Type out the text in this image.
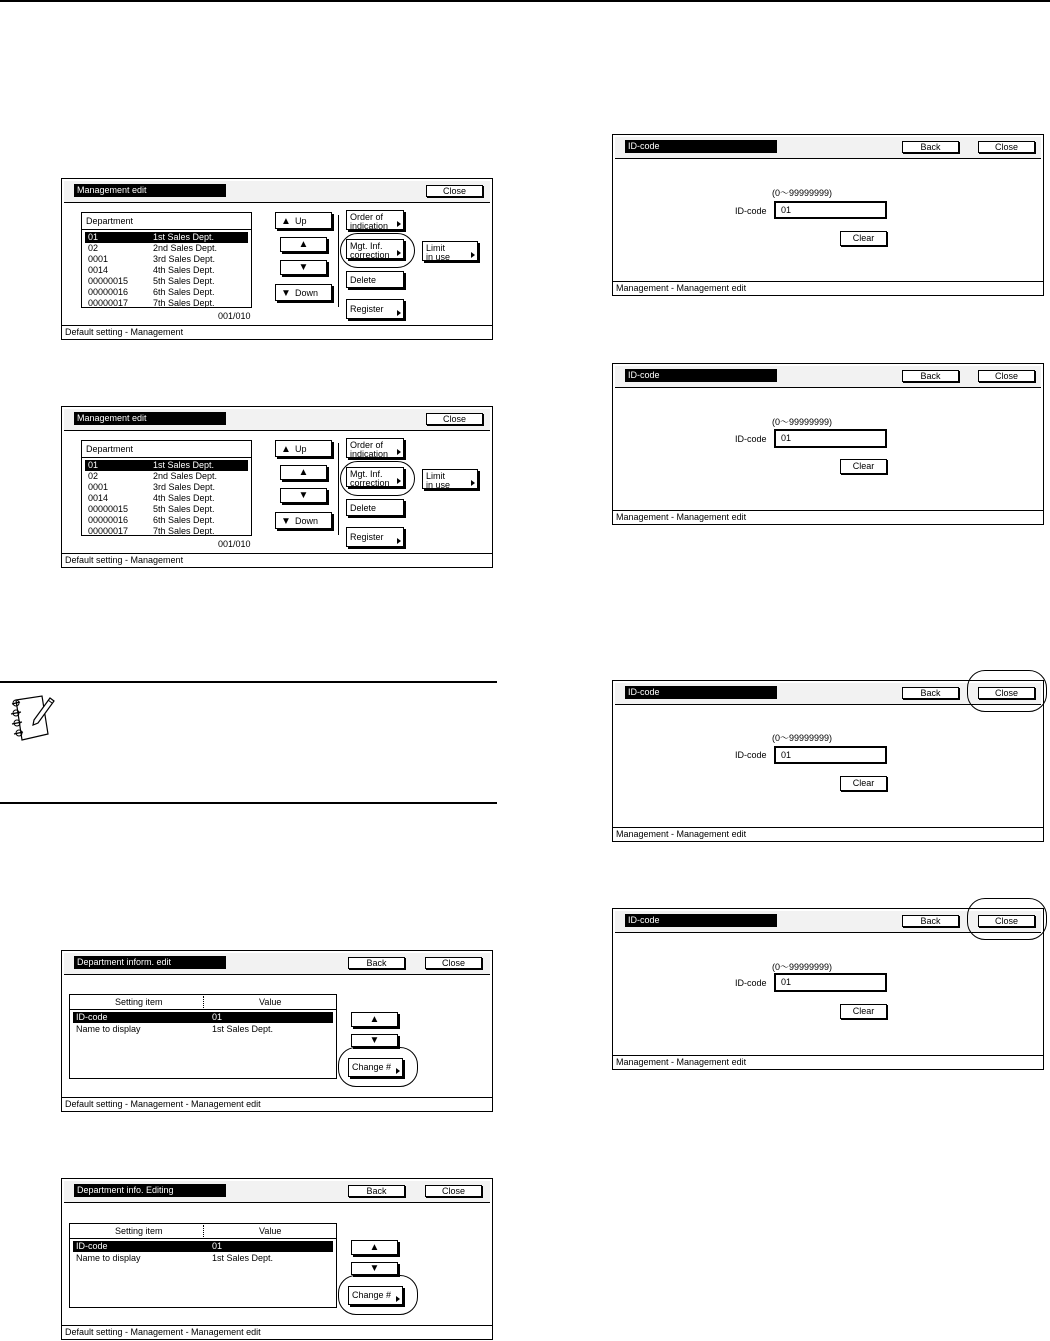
Management edit	Close
Department
01	1st Sales Dept.
02	2nd Sales Dept.
0001	3rd Sales Dept.
0014	4th Sales Dept.
00000015	5th Sales Dept.
00000016	6th Sales Dept.
00000017	7th Sales Dept.
001/010
▲ Up
▲
▼
▼ Down
Order of
indication
Mgt. Inf.
correction
Limit
in use
Delete
Register
Default setting - Management
Management edit	Close
Department
01	1st Sales Dept.
02	2nd Sales Dept.
0001	3rd Sales Dept.
0014	4th Sales Dept.
00000015	5th Sales Dept.
00000016	6th Sales Dept.
00000017	7th Sales Dept.
001/010
▲ Up
▲
▼
▼ Down
Order of
indication
Mgt. Inf.
correction
Limit
in use
Delete
Register
Default setting - Management
Department inform. edit	Back	Close
Setting item	Value
ID-code	01
Name to display	1st Sales Dept.
▲
▼
Change #
Default setting - Management - Management edit
Department info. Editing	Back	Close
Setting item	Value
ID-code	01
Name to display	1st Sales Dept.
▲
▼
Change #
Default setting - Management - Management edit
ID-code	Back	Close
(0～99999999)
ID-code	01
Clear
Management - Management edit
ID-code	Back	Close
(0～99999999)
ID-code	01
Clear
Management - Management edit
ID-code	Back	Close
(0～99999999)
ID-code	01
Clear
Management - Management edit
ID-code	Back	Close
(0～99999999)
ID-code	01
Clear
Management - Management edit
